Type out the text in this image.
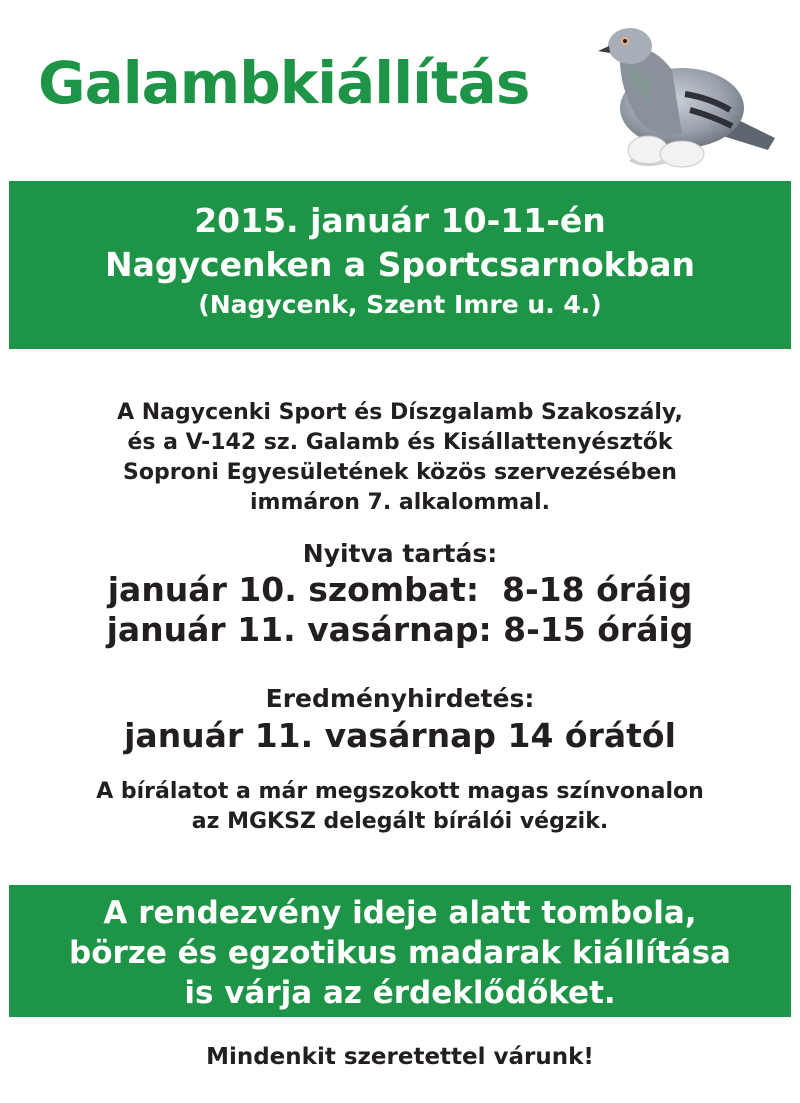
Galambkiállítás
2015. január 10-11-én
Nagycenken a Sportcsarnokban
(Nagycenk, Szent Imre u. 4.)
A Nagycenki Sport és Díszgalamb Szakoszály,
és a V-142 sz. Galamb és Kisállattenyésztők
Soproni Egyesületének közös szervezésében
immáron 7. alkalommal.
Nyitva tartás:
január 10. szombat:  8-18 óráig
január 11. vasárnap: 8-15 óráig
Eredményhirdetés:
január 11. vasárnap 14 órától
A bírálatot a már megszokott magas színvonalon
az MGKSZ delegált bírálói végzik.
A rendezvény ideje alatt tombola,
börze és egzotikus madarak kiállítása
is várja az érdeklődőket.
Mindenkit szeretettel várunk!
